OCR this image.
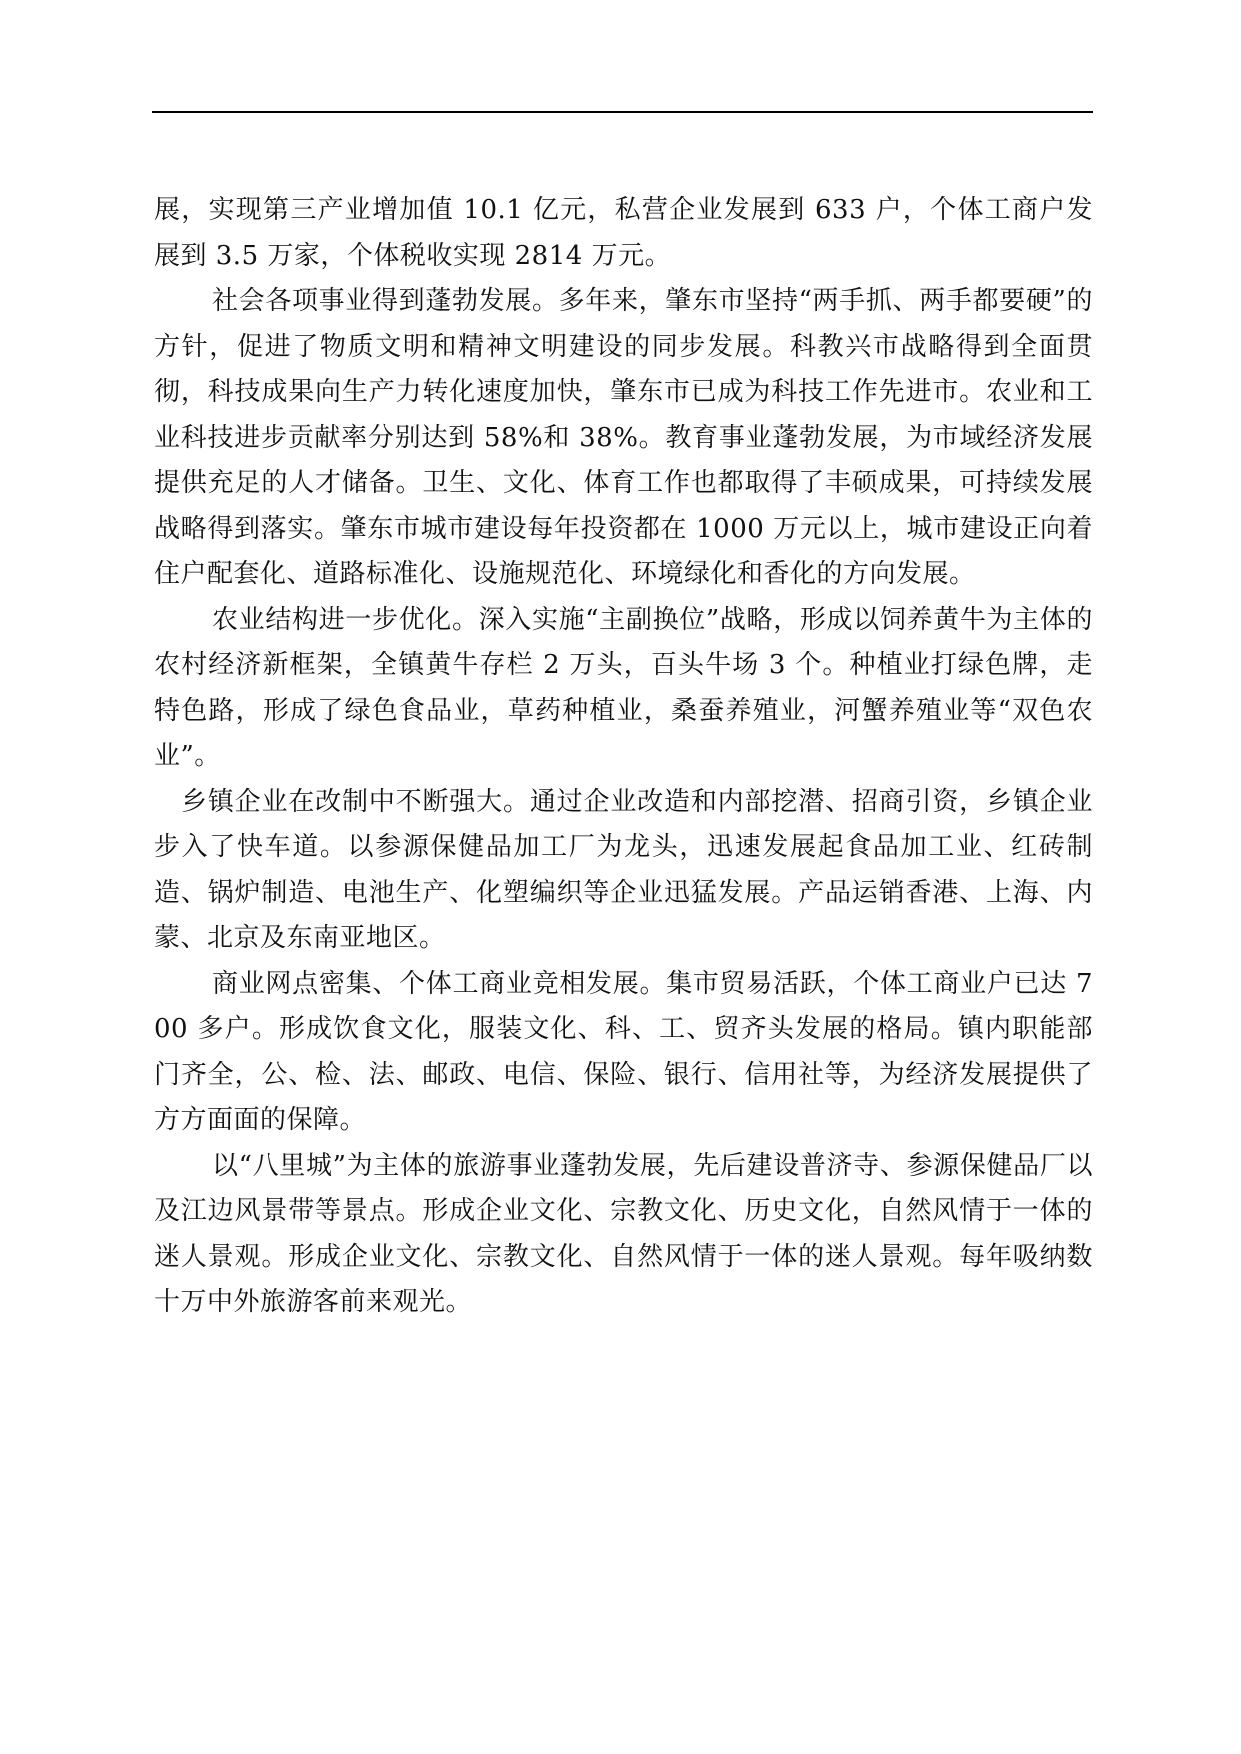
展，实现第三产业增加值 10.1 亿元，私营企业发展到 633 户，个体工商户发展到 3.5 万家，个体税收实现 2814 万元。

社会各项事业得到蓬勃发展。多年来，肇东市坚持“两手抓、两手都要硬”的方针，促进了物质文明和精神文明建设的同步发展。科教兴市战略得到全面贯彻，科技成果向生产力转化速度加快，肇东市已成为科技工作先进市。农业和工业科技进步贡献率分别达到 58%和 38%。教育事业蓬勃发展，为市域经济发展提供充足的人才储备。卫生、文化、体育工作也都取得了丰硕成果，可持续发展战略得到落实。肇东市城市建设每年投资都在 1000 万元以上，城市建设正向着住户配套化、道路标准化、设施规范化、环境绿化和香化的方向发展。

农业结构进一步优化。深入实施“主副换位”战略，形成以饲养黄牛为主体的农村经济新框架，全镇黄牛存栏 2 万头，百头牛场 3 个。种植业打绿色牌，走特色路，形成了绿色食品业，草药种植业，桑蚕养殖业，河蟹养殖业等“双色农业”。

乡镇企业在改制中不断强大。通过企业改造和内部挖潜、招商引资，乡镇企业步入了快车道。以参源保健品加工厂为龙头，迅速发展起食品加工业、红砖制造、锅炉制造、电池生产、化塑编织等企业迅猛发展。产品运销香港、上海、内蒙、北京及东南亚地区。

商业网点密集、个体工商业竞相发展。集市贸易活跃，个体工商业户已达 700 多户。形成饮食文化，服装文化、科、工、贸齐头发展的格局。镇内职能部门齐全，公、检、法、邮政、电信、保险、银行、信用社等，为经济发展提供了方方面面的保障。

以“八里城”为主体的旅游事业蓬勃发展，先后建设普济寺、参源保健品厂以及江边风景带等景点。形成企业文化、宗教文化、历史文化，自然风情于一体的迷人景观。形成企业文化、宗教文化、自然风情于一体的迷人景观。每年吸纳数十万中外旅游客前来观光。
